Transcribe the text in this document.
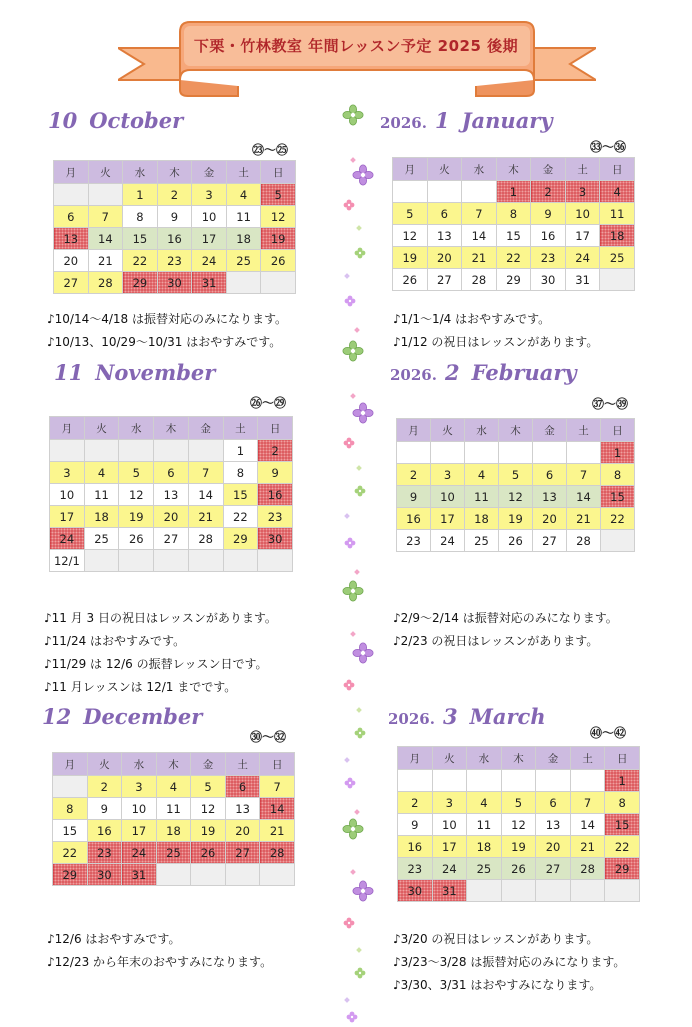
下栗・竹林教室 年間レッスン予定 2025 後期
10 October
㉓～㉕
11 November
㉖～㉙
12 December
㉚～㉜
2026. 1 January
㉝～㊱
2026. 2 February
㊲～㊴
2026. 3 March
㊵～㊷
月	火	水	木	金	土	日
		1	2	3	4	5
6	7	8	9	10	11	12
13	14	15	16	17	18	19
20	21	22	23	24	25	26
27	28	29	30	31		
月	火	水	木	金	土	日
					1	2
3	4	5	6	7	8	9
10	11	12	13	14	15	16
17	18	19	20	21	22	23
24	25	26	27	28	29	30
12/1						
月	火	水	木	金	土	日
	2	3	4	5	6	7
8	9	10	11	12	13	14
15	16	17	18	19	20	21
22	23	24	25	26	27	28
29	30	31				
月	火	水	木	金	土	日
			1	2	3	4
5	6	7	8	9	10	11
12	13	14	15	16	17	18
19	20	21	22	23	24	25
26	27	28	29	30	31	
月	火	水	木	金	土	日
						1
2	3	4	5	6	7	8
9	10	11	12	13	14	15
16	17	18	19	20	21	22
23	24	25	26	27	28	
月	火	水	木	金	土	日
						1
2	3	4	5	6	7	8
9	10	11	12	13	14	15
16	17	18	19	20	21	22
23	24	25	26	27	28	29
30	31					
♪10/14～4/18 は振替対応のみになります。
♪10/13、10/29～10/31 はおやすみです。
♪11 月 3 日の祝日はレッスンがあります。
♪11/24 はおやすみです。
♪11/29 は 12/6 の振替レッスン日です。
♪11 月レッスンは 12/1 までです。
♪12/6 はおやすみです。
♪12/23 から年末のおやすみになります。
♪1/1～1/4 はおやすみです。
♪1/12 の祝日はレッスンがあります。
♪2/9～2/14 は振替対応のみになります。
♪2/23 の祝日はレッスンがあります。
♪3/20 の祝日はレッスンがあります。
♪3/23～3/28 は振替対応のみになります。
♪3/30、3/31 はおやすみになります。
